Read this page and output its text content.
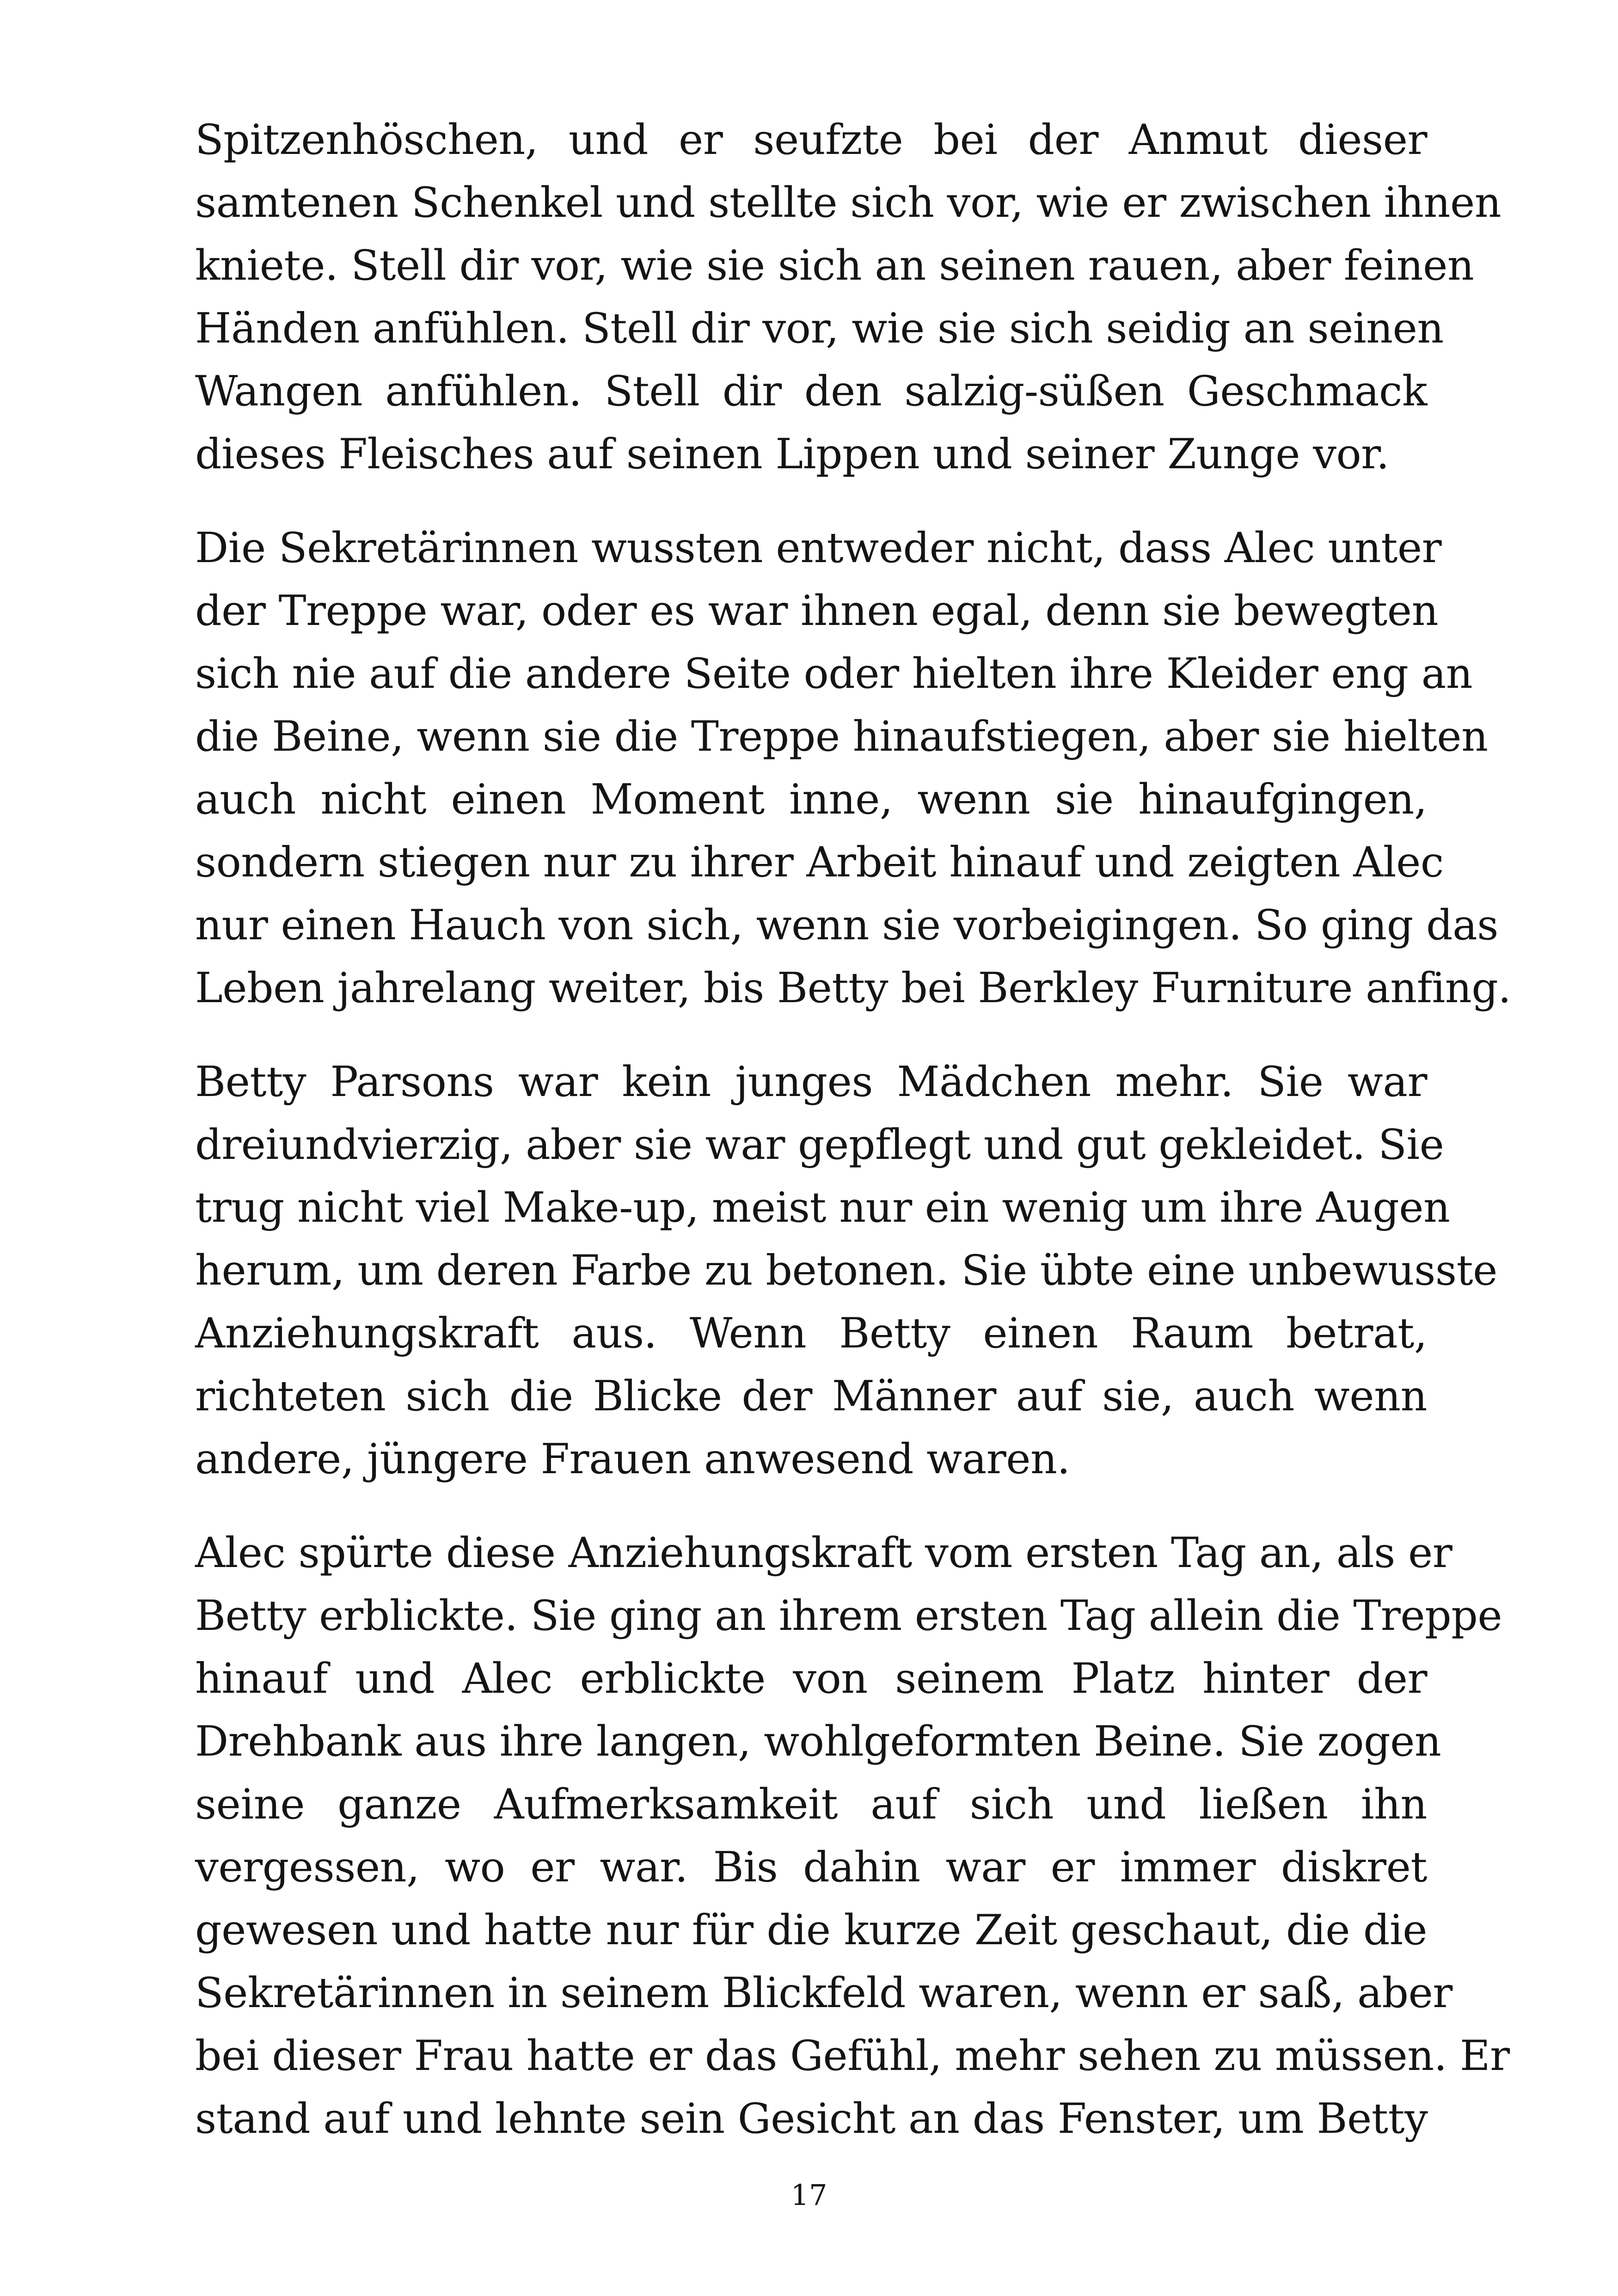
Spitzenhöschen, und er seufzte bei der Anmut dieser
samtenen Schenkel und stellte sich vor, wie er zwischen ihnen
kniete. Stell dir vor, wie sie sich an seinen rauen, aber feinen
Händen anfühlen. Stell dir vor, wie sie sich seidig an seinen
Wangen anfühlen. Stell dir den salzig-süßen Geschmack
dieses Fleisches auf seinen Lippen und seiner Zunge vor.

Die Sekretärinnen wussten entweder nicht, dass Alec unter
der Treppe war, oder es war ihnen egal, denn sie bewegten
sich nie auf die andere Seite oder hielten ihre Kleider eng an
die Beine, wenn sie die Treppe hinaufstiegen, aber sie hielten
auch nicht einen Moment inne, wenn sie hinaufgingen,
sondern stiegen nur zu ihrer Arbeit hinauf und zeigten Alec
nur einen Hauch von sich, wenn sie vorbeigingen. So ging das
Leben jahrelang weiter, bis Betty bei Berkley Furniture anfing.

Betty Parsons war kein junges Mädchen mehr. Sie war
dreiundvierzig, aber sie war gepflegt und gut gekleidet. Sie
trug nicht viel Make-up, meist nur ein wenig um ihre Augen
herum, um deren Farbe zu betonen. Sie übte eine unbewusste
Anziehungskraft aus. Wenn Betty einen Raum betrat,
richteten sich die Blicke der Männer auf sie, auch wenn
andere, jüngere Frauen anwesend waren.

Alec spürte diese Anziehungskraft vom ersten Tag an, als er
Betty erblickte. Sie ging an ihrem ersten Tag allein die Treppe
hinauf und Alec erblickte von seinem Platz hinter der
Drehbank aus ihre langen, wohlgeformten Beine. Sie zogen
seine ganze Aufmerksamkeit auf sich und ließen ihn
vergessen, wo er war. Bis dahin war er immer diskret
gewesen und hatte nur für die kurze Zeit geschaut, die die
Sekretärinnen in seinem Blickfeld waren, wenn er saß, aber
bei dieser Frau hatte er das Gefühl, mehr sehen zu müssen. Er
stand auf und lehnte sein Gesicht an das Fenster, um Betty

17
